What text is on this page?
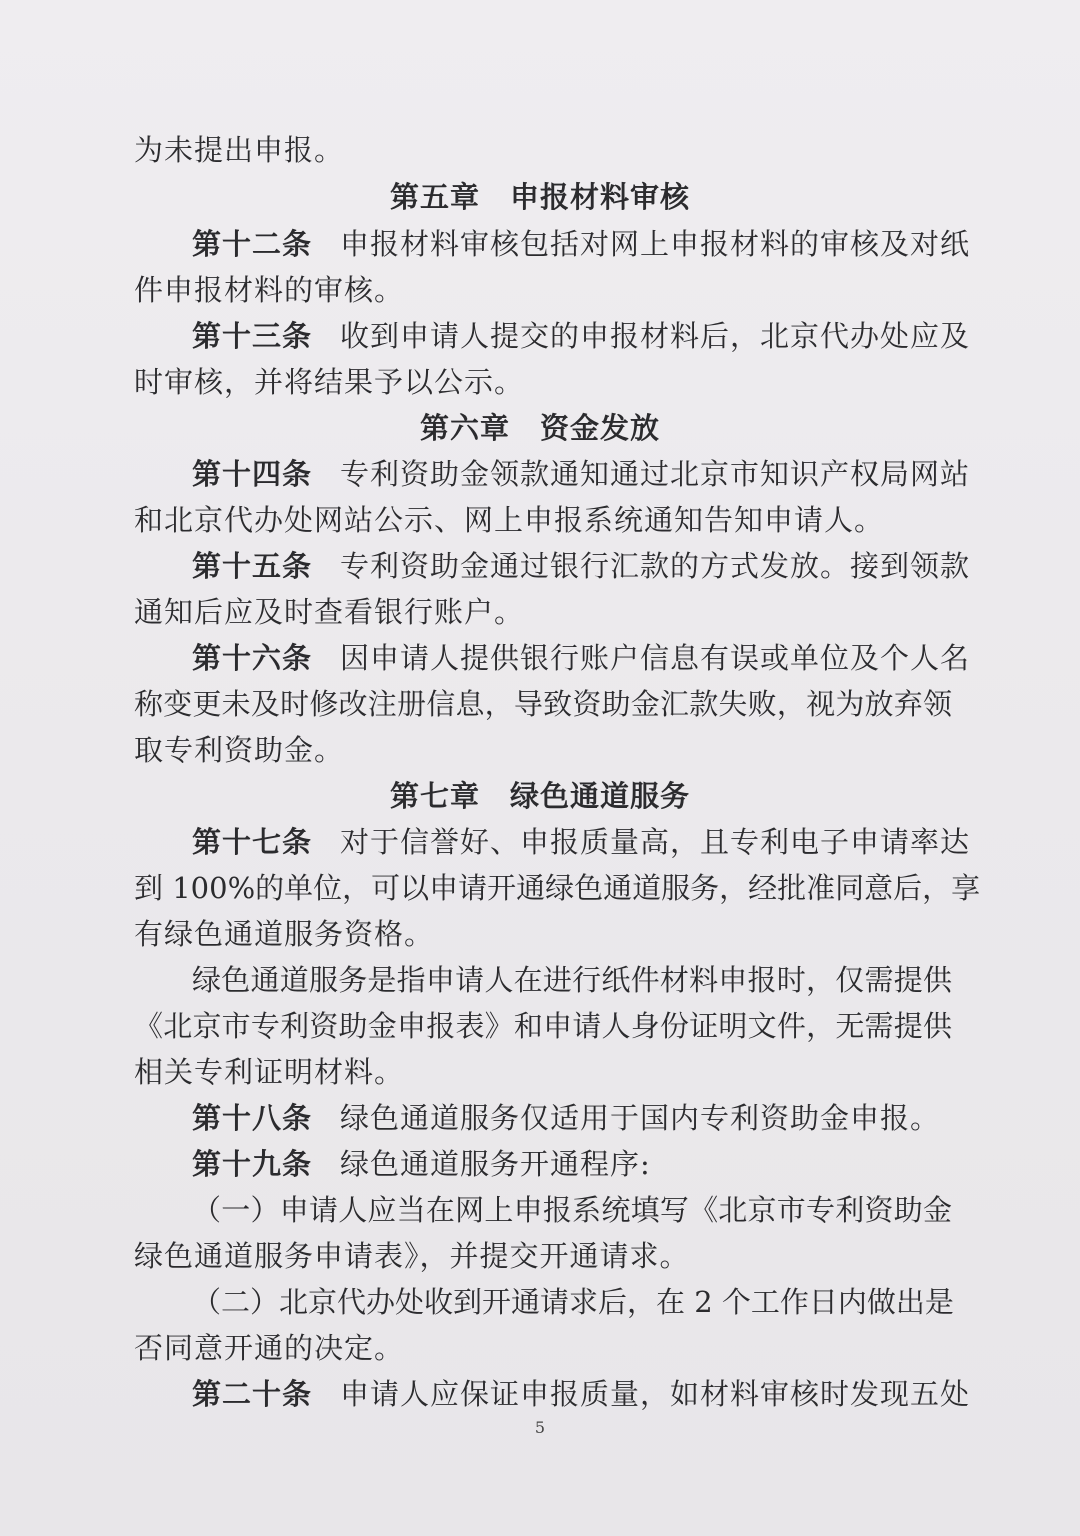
为未提出申报。
第五章　申报材料审核
第十二条 申报材料审核包括对网上申报材料的审核及对纸
件申报材料的审核。
第十三条 收到申请人提交的申报材料后，北京代办处应及
时审核，并将结果予以公示。
第六章　资金发放
第十四条 专利资助金领款通知通过北京市知识产权局网站
和北京代办处网站公示、网上申报系统通知告知申请人。
第十五条 专利资助金通过银行汇款的方式发放。接到领款
通知后应及时查看银行账户。
第十六条 因申请人提供银行账户信息有误或单位及个人名
称变更未及时修改注册信息，导致资助金汇款失败，视为放弃领
取专利资助金。
第七章　绿色通道服务
第十七条 对于信誉好、申报质量高，且专利电子申请率达
到 100%的单位，可以申请开通绿色通道服务，经批准同意后，享
有绿色通道服务资格。
绿色通道服务是指申请人在进行纸件材料申报时，仅需提供
《北京市专利资助金申报表》和申请人身份证明文件，无需提供
相关专利证明材料。
第十八条 绿色通道服务仅适用于国内专利资助金申报。
第十九条 绿色通道服务开通程序:
（一）申请人应当在网上申报系统填写《北京市专利资助金
绿色通道服务申请表》，并提交开通请求。
（二）北京代办处收到开通请求后，在 2 个工作日内做出是
否同意开通的决定。
第二十条 申请人应保证申报质量，如材料审核时发现五处
5
